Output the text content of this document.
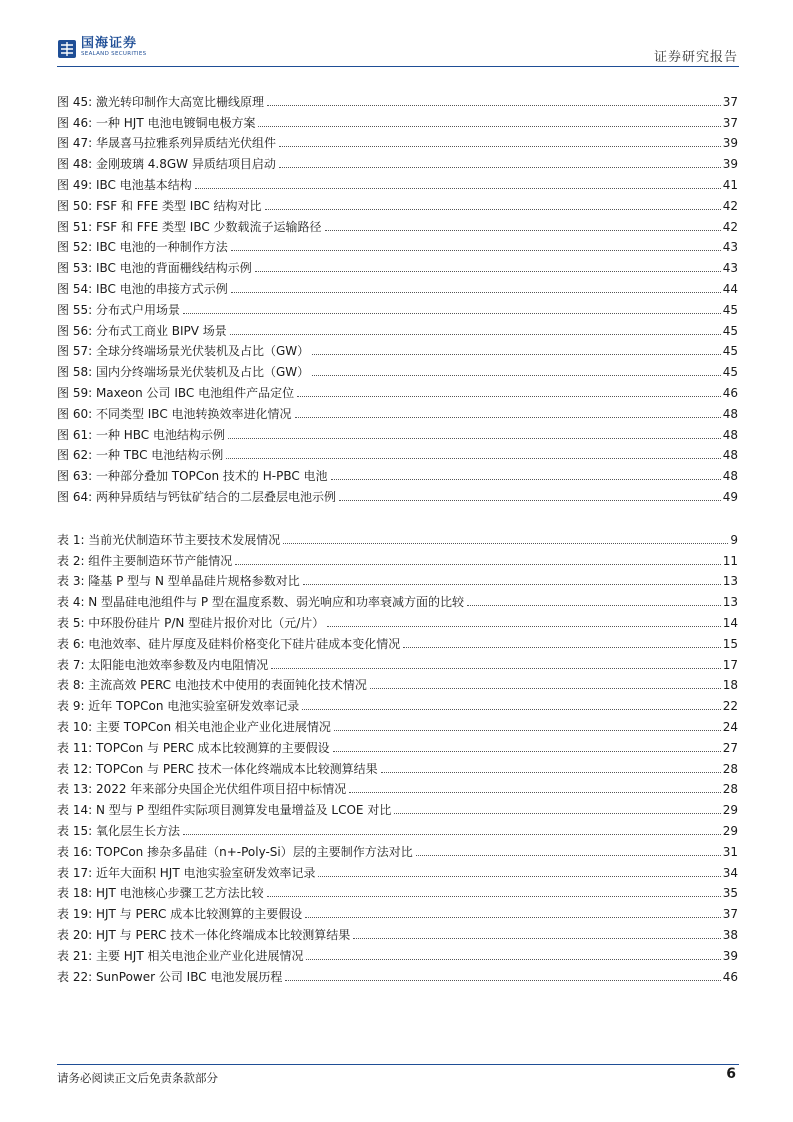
国海证券
SEALAND SECURITIES	证券研究报告
图 45: 激光转印制作大高宽比栅线原理	37
图 46: 一种 HJT 电池电镀铜电极方案	37
图 47: 华晟喜马拉雅系列异质结光伏组件	39
图 48: 金刚玻璃 4.8GW 异质结项目启动	39
图 49: IBC 电池基本结构	41
图 50: FSF 和 FFE 类型 IBC 结构对比	42
图 51: FSF 和 FFE 类型 IBC 少数载流子运输路径	42
图 52: IBC 电池的一种制作方法	43
图 53: IBC 电池的背面栅线结构示例	43
图 54: IBC 电池的串接方式示例	44
图 55: 分布式户用场景	45
图 56: 分布式工商业 BIPV 场景	45
图 57: 全球分终端场景光伏装机及占比（GW）	45
图 58: 国内分终端场景光伏装机及占比（GW）	45
图 59: Maxeon 公司 IBC 电池组件产品定位	46
图 60: 不同类型 IBC 电池转换效率进化情况	48
图 61: 一种 HBC 电池结构示例	48
图 62: 一种 TBC 电池结构示例	48
图 63: 一种部分叠加 TOPCon 技术的 H-PBC 电池	48
图 64: 两种异质结与钙钛矿结合的二层叠层电池示例	49
表 1: 当前光伏制造环节主要技术发展情况	9
表 2: 组件主要制造环节产能情况	11
表 3: 隆基 P 型与 N 型单晶硅片规格参数对比	13
表 4: N 型晶硅电池组件与 P 型在温度系数、弱光响应和功率衰减方面的比较	13
表 5: 中环股份硅片 P/N 型硅片报价对比（元/片）	14
表 6: 电池效率、硅片厚度及硅料价格变化下硅片硅成本变化情况	15
表 7: 太阳能电池效率参数及内电阻情况	17
表 8: 主流高效 PERC 电池技术中使用的表面钝化技术情况	18
表 9: 近年 TOPCon 电池实验室研发效率记录	22
表 10: 主要 TOPCon 相关电池企业产业化进展情况	24
表 11: TOPCon 与 PERC 成本比较测算的主要假设	27
表 12: TOPCon 与 PERC 技术一体化终端成本比较测算结果	28
表 13: 2022 年来部分央国企光伏组件项目招中标情况	28
表 14: N 型与 P 型组件实际项目测算发电量增益及 LCOE 对比	29
表 15: 氧化层生长方法	29
表 16: TOPCon 掺杂多晶硅（n+-Poly-Si）层的主要制作方法对比	31
表 17: 近年大面积 HJT 电池实验室研发效率记录	34
表 18: HJT 电池核心步骤工艺方法比较	35
表 19: HJT 与 PERC 成本比较测算的主要假设	37
表 20: HJT 与 PERC 技术一体化终端成本比较测算结果	38
表 21: 主要 HJT 相关电池企业产业化进展情况	39
表 22: SunPower 公司 IBC 电池发展历程	46
请务必阅读正文后免责条款部分	6
